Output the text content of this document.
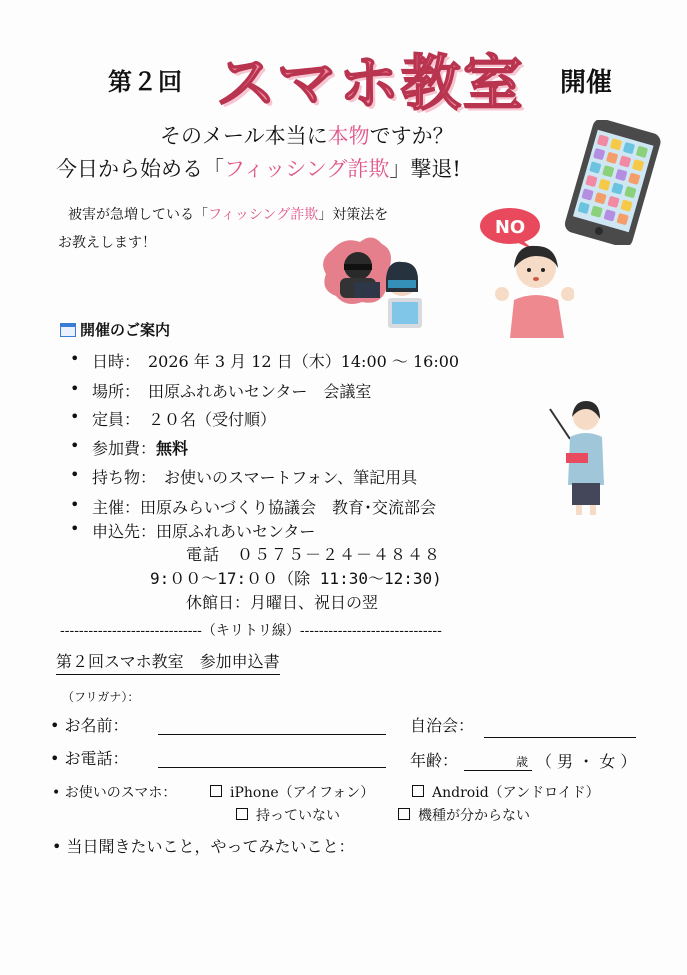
第２回 スマホ教室 開催
そのメール本当に本物ですか？
今日から始める「フィッシング詐欺」撃退!
被害が急増している「フィッシング詐欺」対策法を
お教えします！
NO
開催のご案内
• 日時：　2026 年 3 月 12 日（木）14:00 ～ 16:00
• 場所：　田原ふれあいセンター　会議室
• 定員：　２０名（受付順）
• 参加費：無料
• 持ち物：　お使いのスマートフォン、筆記用具
• 主催：田原みらいづくり協議会　教育･交流部会
• 申込先：田原ふれあいセンター
電話　０５７５－２４－４８４８
9:００～17:００（除 11:30～12:30)
休館日：月曜日、祝日の翌
------------------------------（キリトリ線）------------------------------
第２回スマホ教室　参加申込書
（フリガナ）：
• お名前：	自治会：
• お電話：	年齢：	歳 （ 男 ・ 女 ）
• お使いのスマホ：	iPhone（アイフォン）	Android（アンドロイド）
持っていない	機種が分からない
• 当日聞きたいこと，やってみたいこと：
